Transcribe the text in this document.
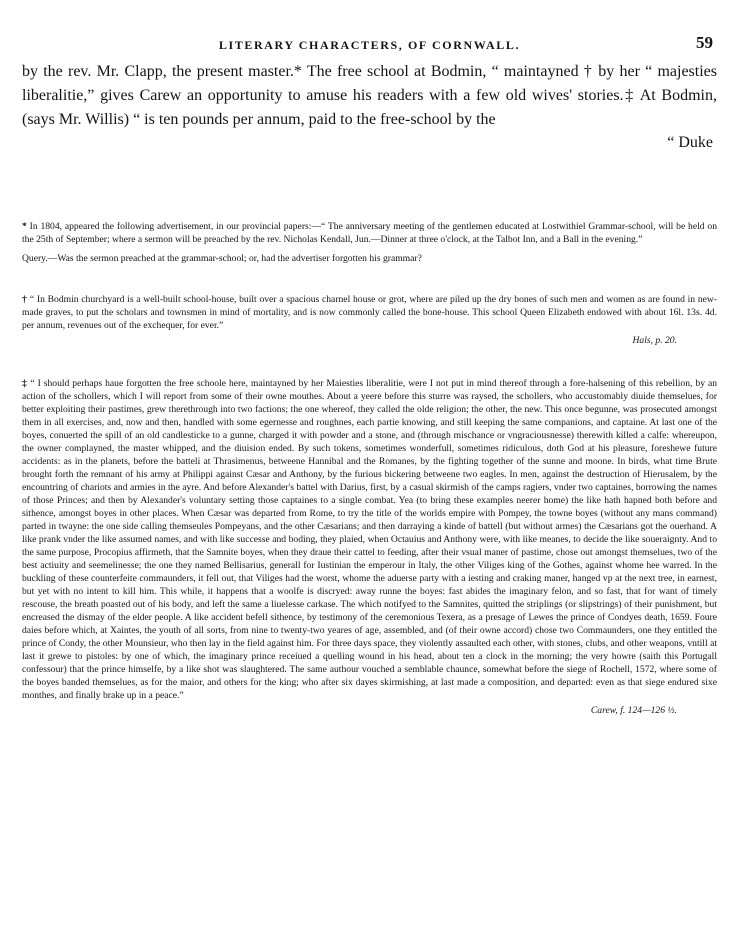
LITERARY CHARACTERS, OF CORNWALL.	59

by the rev. Mr. Clapp, the present master.* The free school at Bodmin, “ maintayned † by her “ majesties liberalitie,” gives Carew an opportunity to amuse his readers with a few old wives' stories.‡ At Bodmin, (says Mr. Willis) “ is ten pounds per annum, paid to the free-school by the

“ Duke

* In 1804, appeared the following advertisement, in our provincial papers:—“ The anniversary meeting of the gentlemen educated at Lostwithiel Grammar-school, will be held on the 25th of September; where a sermon will be preached by the rev. Nicholas Kendall, Jun.—Dinner at three o'clock, at the Talbot Inn, and a Ball in the evening.”

Query.—Was the sermon preached at the grammar-school; or, had the advertiser forgotten his grammar?

† “ In Bodmin churchyard is a well-built school-house, built over a spacious charnel house or grot, where are piled up the dry bones of such men and women as are found in new-made graves, to put the scholars and townsmen in mind of mortality, and is now commonly called the bone-house. This school Queen Elizabeth endowed with about 16l. 13s. 4d. per annum, revenues out of the exchequer, for ever.”

Hals, p. 20.

‡ “ I should perhaps haue forgotten the free schoole here, maintayned by her Maiesties liberalitie, were I not put in mind thereof through a fore-halsening of this rebellion, by an action of the schollers, which I will report from some of their owne mouthes. About a yeere before this sturre was raysed, the schollers, who accustomably diuide themselues, for better exploiting their pastimes, grew therethrough into two factions; the one whereof, they called the olde religion; the other, the new. This once begunne, was prosecuted amongst them in all exercises, and, now and then, handled with some egernesse and roughnes, each partie knowing, and still keeping the same companions, and captaine. At last one of the boyes, conuerted the spill of an old candlesticke to a gunne, charged it with powder and a stone, and (through mischance or vngraciousnesse) therewith killed a calfe: whereupon, the owner complayned, the master whipped, and the diuision ended. By such tokens, sometimes wonderfull, sometimes ridiculous, doth God at his pleasure, foreshewe future accidents: as in the planets, before the batteli at Thrasimenus, betweene Hannibal and the Romanes, by the fighting together of the sunne and moone. In birds, what time Brute brought forth the remnant of his army at Philippi against Cæsar and Anthony, by the furious bickering betweene two eagles. In men, against the destruction of Hierusalem, by the encountring of chariots and armies in the ayre. And before Alexander's battel with Darius, first, by a casual skirmish of the camps ragiers, vnder two captaines, borrowing the names of those Princes; and then by Alexander's voluntary setting those captaines to a single combat. Yea (to bring these examples neerer home) the like hath hapned both before and sithence, amongst boyes in other places. When Cæsar was departed from Rome, to try the title of the worlds empire with Pompey, the towne boyes (without any mans command) parted in twayne: the one side calling themseules Pompeyans, and the other Cæsarians; and then darraying a kinde of battell (but without armes) the Cæsarians got the ouerhand. A like prank vnder the like assumed names, and with like successe and boding, they plaied, when Octauius and Anthony were, with like meanes, to decide the like soueraignty. And to the same purpose, Procopius affirmeth, that the Samnite boyes, when they draue their cattel to feeding, after their vsual maner of pastime, chose out amongst themselues, two of the best actiuity and seemelinesse; the one they named Bellisarius, generall for Iustinian the emperour in Italy, the other Viliges king of the Gothes, against whome hee warred. In the buckling of these counterfeite commaunders, it fell out, that Viliges had the worst, whome the aduerse party with a iesting and craking maner, hanged vp at the next tree, in earnest, but yet with no intent to kill him. This while, it happens that a woolfe is discryed: away runne the boyes: fast abides the imaginary felon, and so fast, that for want of timely rescouse, the breath poasted out of his body, and left the same a liuelesse carkase. The which notifyed to the Samnites, quitted the striplings (or slipstrings) of their punishment, but encreased the dismay of the elder people. A like accident befell sithence, by testimony of the ceremonious Texera, as a presage of Lewes the prince of Condyes death, 1659. Foure daies before which, at Xaintes, the youth of all sorts, from nine to twenty-two yeares of age, assembled, and (of their owne accord) chose two Commaunders, one they entitled the prince of Condy, the other Mounsieur, who then lay in the field against him. For three days space, they violently assaulted each other, with stones, clubs, and other weapons, vntill at last it grewe to pistoles: by one of which, the imaginary prince receiued a quelling wound in his head, about ten a clock in the morning; the very howre (saith this Portugall confessour) that the prince himselfe, by a like shot was slaughtered. The same authour vouched a semblable chaunce, somewhat before the siege of Rochell, 1572, where some of the boyes banded themselues, as for the maior, and others for the king; who after six dayes skirmishing, at last made a composition, and departed: even as that siege endured sixe monthes, and finally brake up in a peace.”

Carew, f. 124—126 ½.
